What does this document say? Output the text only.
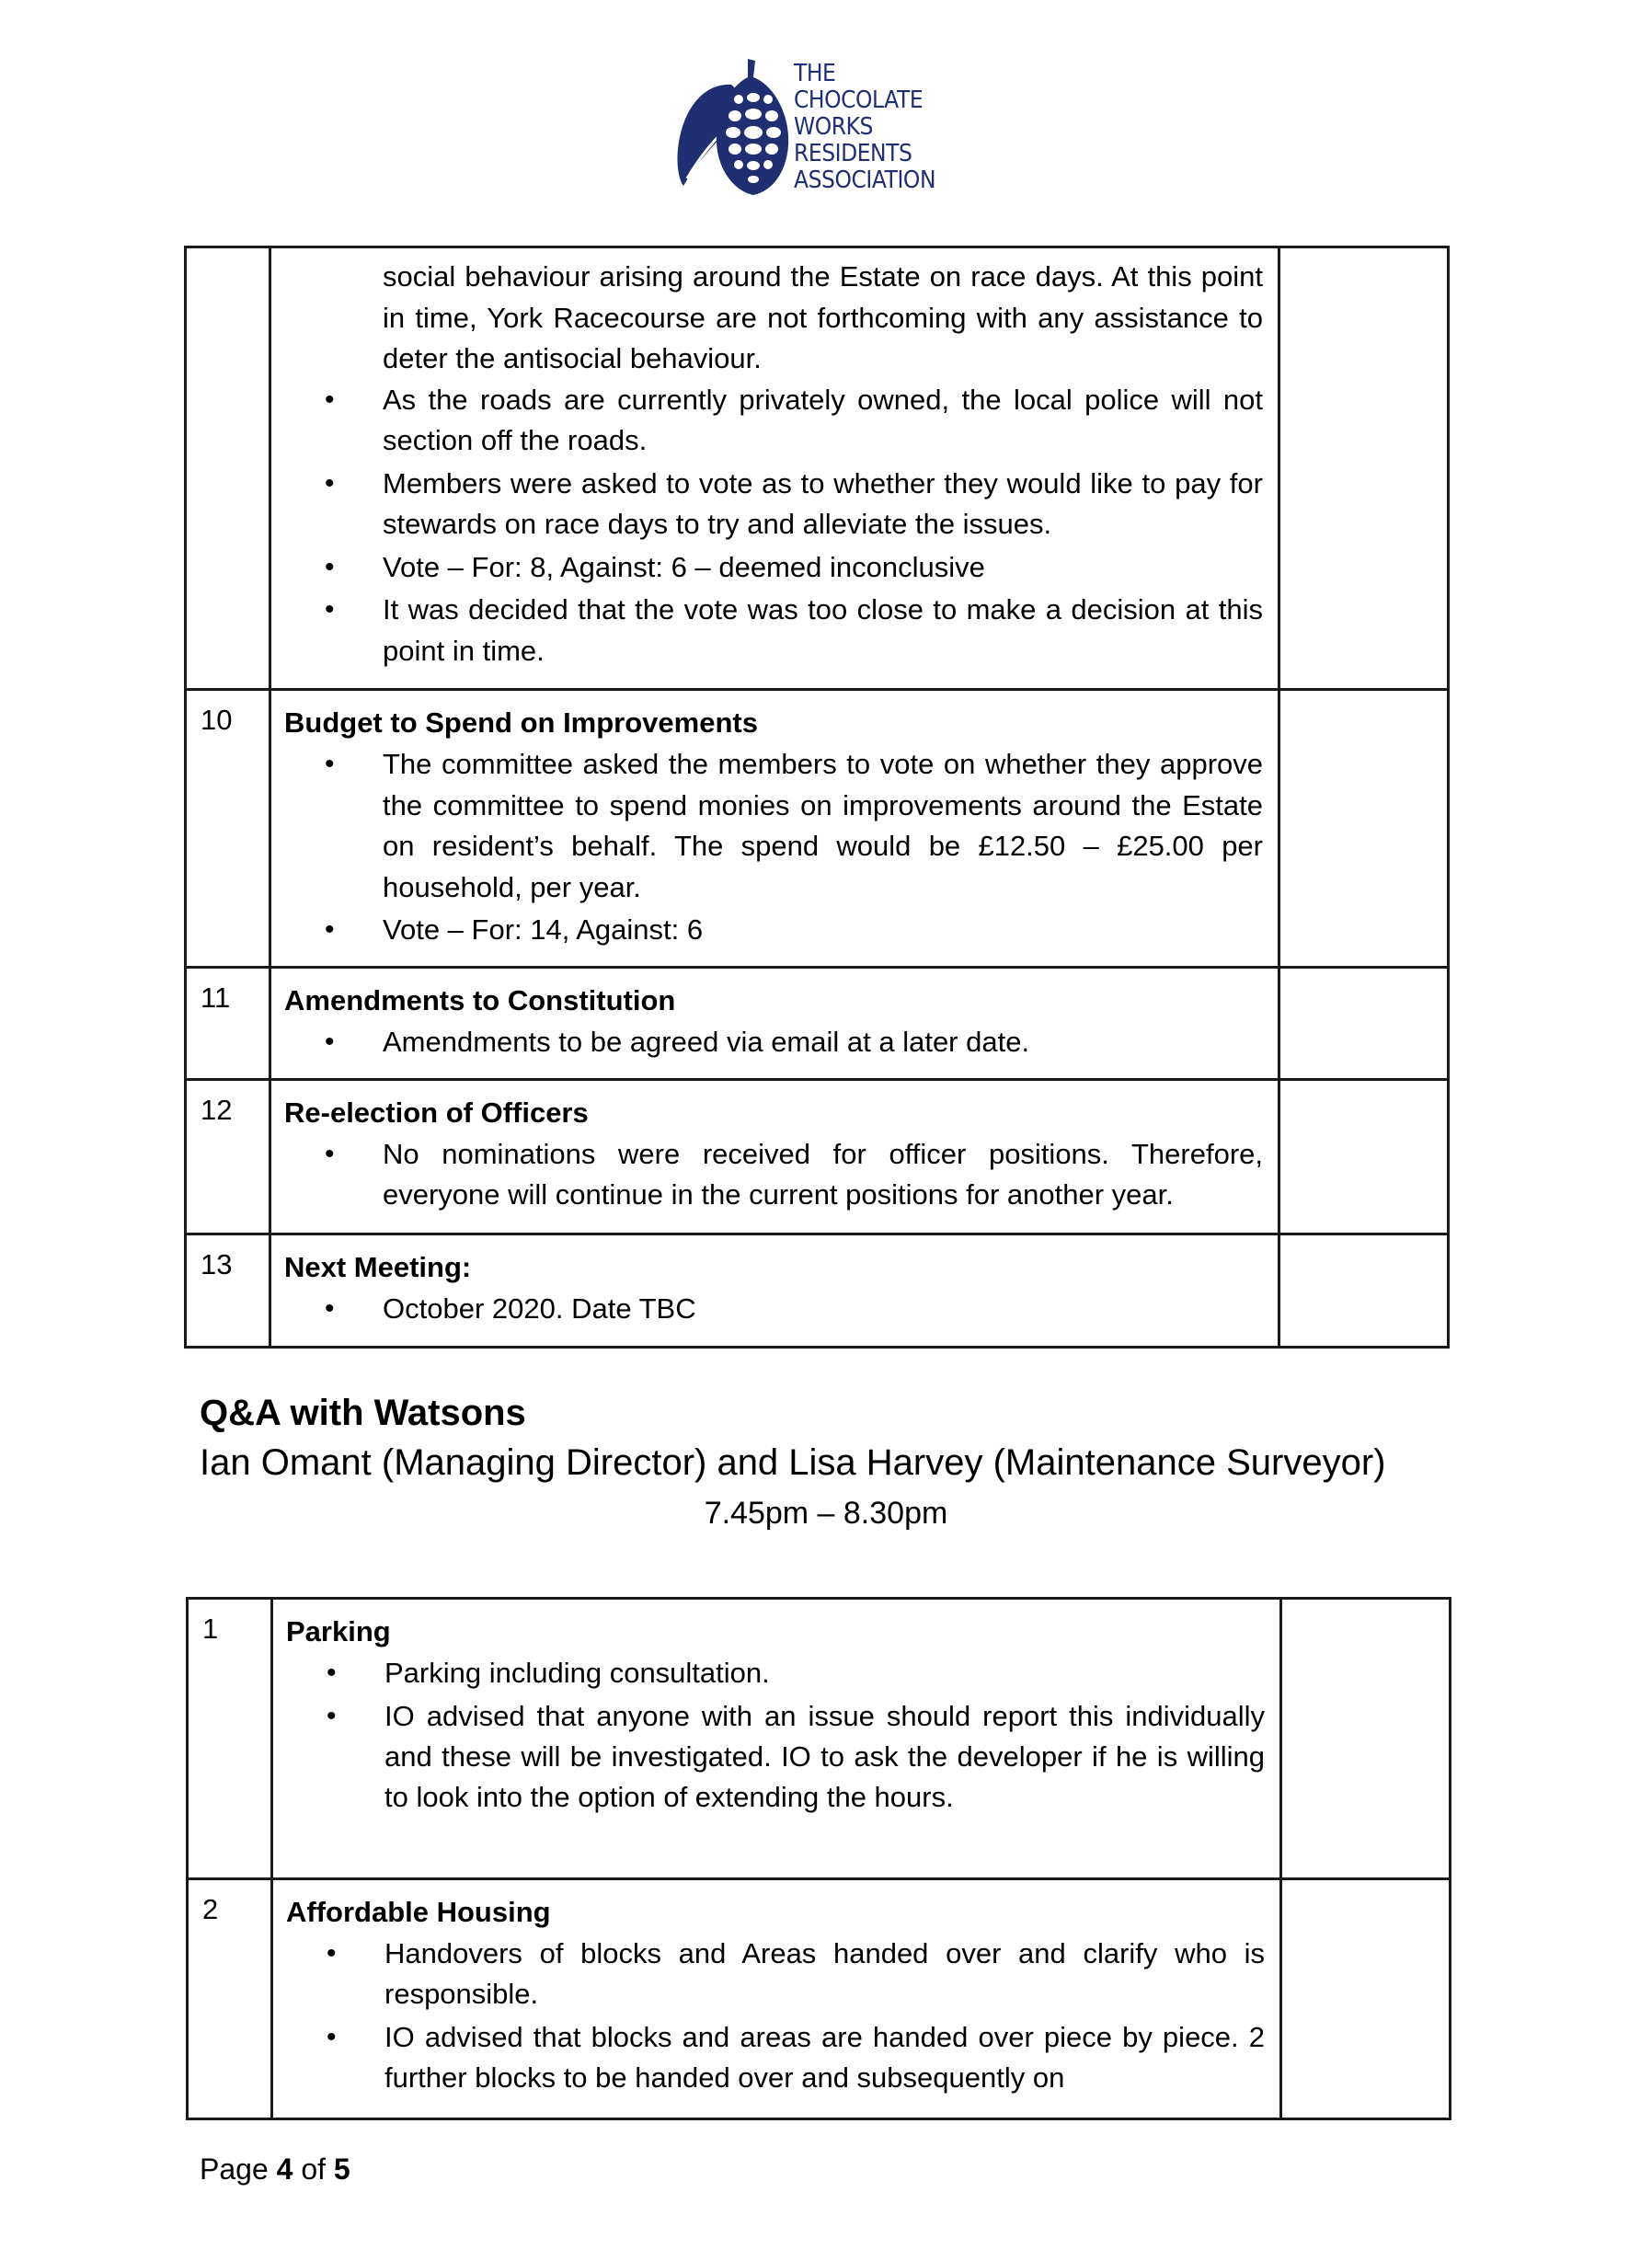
THE
CHOCOLATE
WORKS
RESIDENTS
ASSOCIATION

social behaviour arising around the Estate on race days. At this point in time, York Racecourse are not forthcoming with any assistance to deter the antisocial behaviour.
• As the roads are currently privately owned, the local police will not section off the roads.
• Members were asked to vote as to whether they would like to pay for stewards on race days to try and alleviate the issues.
• Vote – For: 8, Against: 6 – deemed inconclusive
• It was decided that the vote was too close to make a decision at this point in time.

10	Budget to Spend on Improvements
• The committee asked the members to vote on whether they approve the committee to spend monies on improvements around the Estate on resident’s behalf. The spend would be £12.50 – £25.00 per household, per year.
• Vote – For: 14, Against: 6

11	Amendments to Constitution
• Amendments to be agreed via email at a later date.

12	Re-election of Officers
• No nominations were received for officer positions. Therefore, everyone will continue in the current positions for another year.

13	Next Meeting:
• October 2020. Date TBC

Q&A with Watsons
Ian Omant (Managing Director) and Lisa Harvey (Maintenance Surveyor)
7.45pm – 8.30pm
1	Parking
• Parking including consultation.
• IO advised that anyone with an issue should report this individually and these will be investigated. IO to ask the developer if he is willing to look into the option of extending the hours.

2	Affordable Housing
• Handovers of blocks and Areas handed over and clarify who is responsible.
• IO advised that blocks and areas are handed over piece by piece. 2 further blocks to be handed over and subsequently on

Page 4 of 5
